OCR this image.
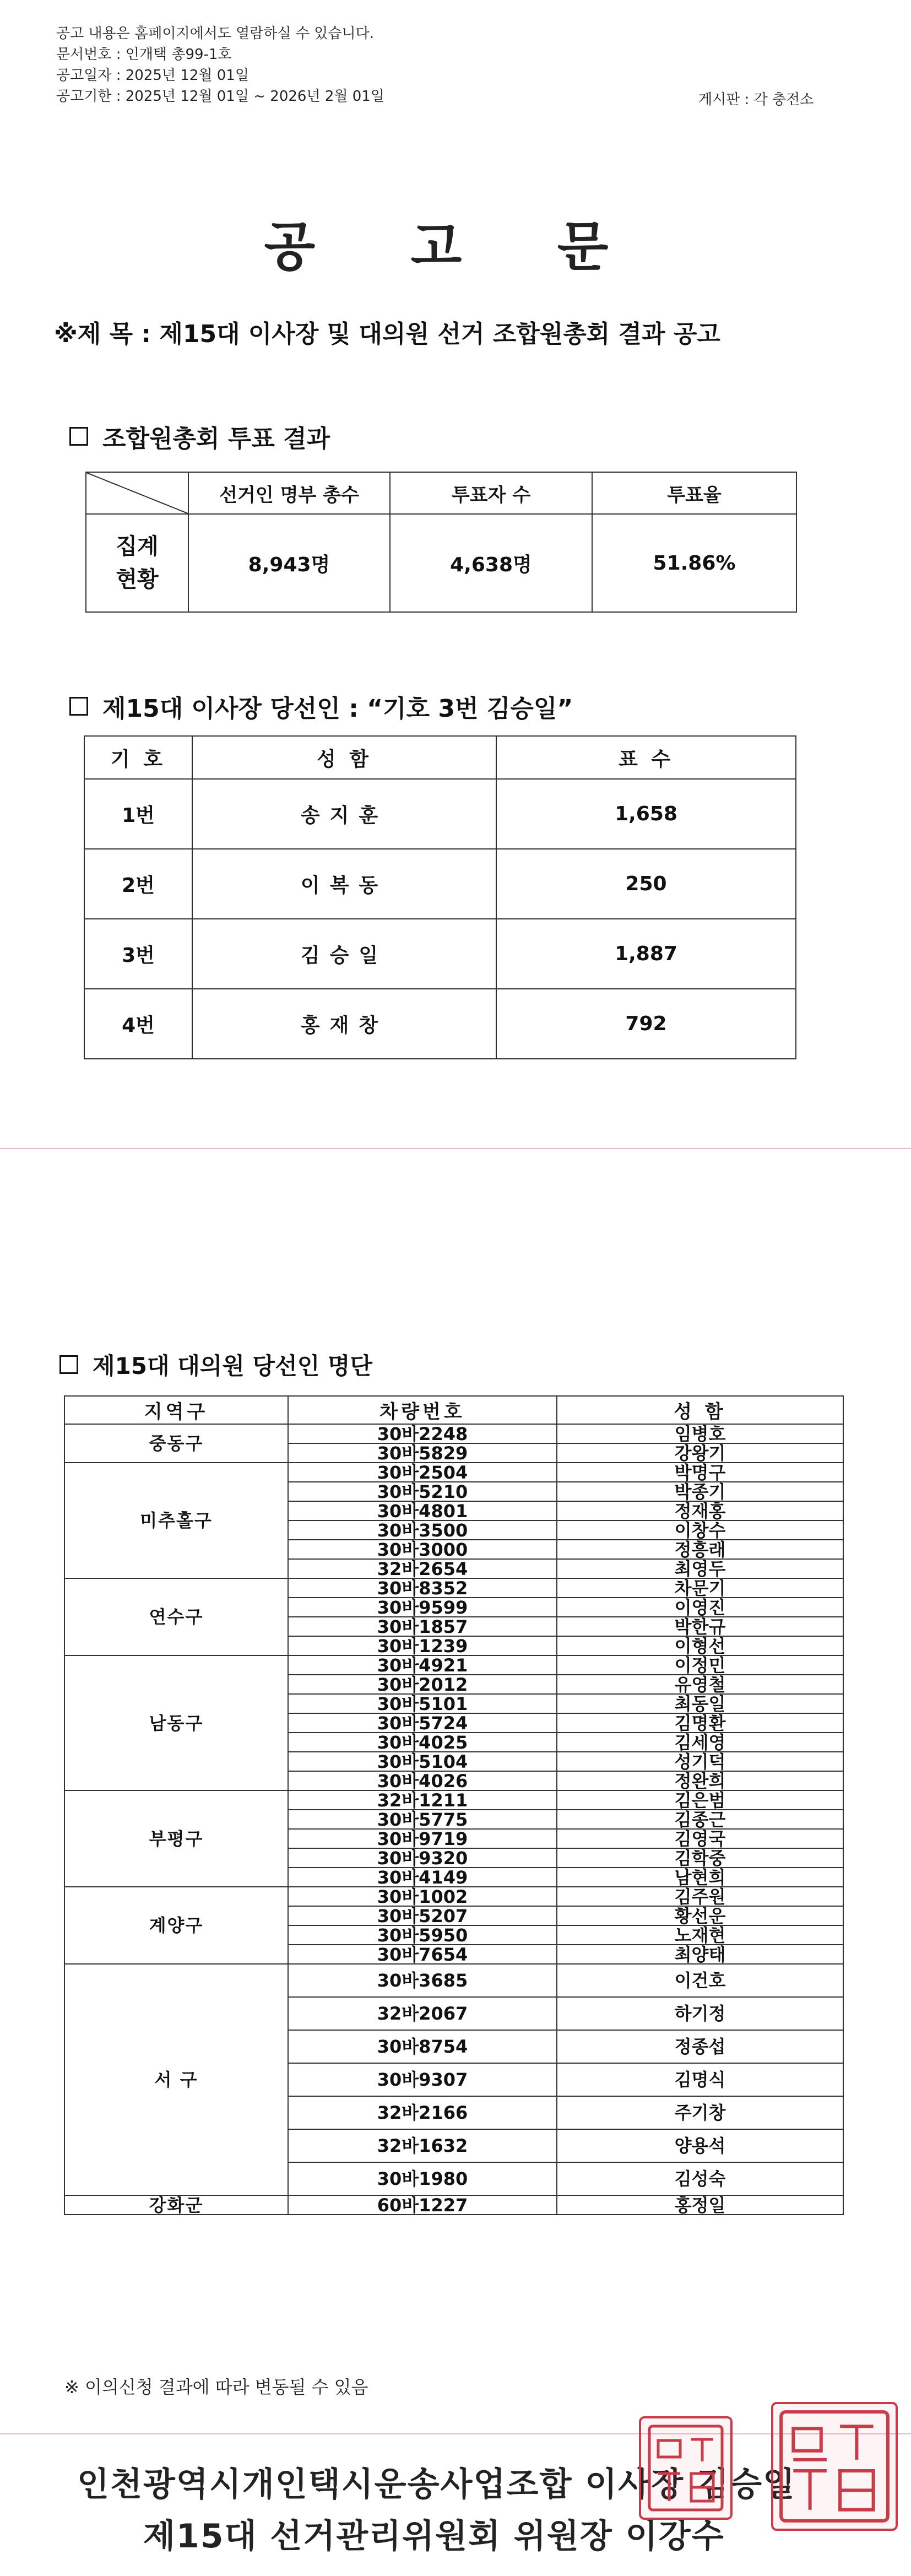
공고 내용은 홈페이지에서도 열람하실 수 있습니다.
문서번호 : 인개택 총99-1호
공고일자 : 2025년 12월 01일
공고기한 : 2025년 12월 01일 ~ 2026년 2월 01일	게시판 : 각 충전소
공 고 문
※제 목 : 제15대 이사장 및 대의원 선거 조합원총회 결과 공고
조합원총회 투표 결과
	선거인 명부 총수	투표자 수	투표율
집계 현황	8,943명	4,638명	51.86%
제15대 이사장 당선인 : “기호 3번 김승일”
기 호	성 함	표 수
1번	송지훈	1,658
2번	이복동	250
3번	김승일	1,887
4번	홍재창	792
제15대 대의원 당선인 명단
지역구	차량번호	성 함
중동구	30바2248	임병호
	30바5829	강왕기
미추홀구	30바2504	박명구
	30바5210	박종기
	30바4801	정재홍
	30바3500	이창수
	30바3000	정흥래
	32바2654	최영두
연수구	30바8352	차문기
	30바9599	이영진
	30바1857	박한규
	30바1239	이형선
남동구	30바4921	이정민
	30바2012	유영철
	30바5101	최동일
	30바5724	김명환
	30바4025	김세영
	30바5104	성기덕
	30바4026	정완희
부평구	32바1211	김은범
	30바5775	김종근
	30바9719	김영국
	30바9320	김학중
	30바4149	남현희
계양구	30바1002	김주원
	30바5207	황선운
	30바5950	노재현
	30바7654	최양태
서 구	30바3685	이건호
	32바2067	하기정
	30바8754	정종섭
	30바9307	김명식
	32바2166	주기창
	32바1632	양용석
	30바1980	김성숙
강화군	60바1227	홍정일
※ 이의신청 결과에 따라 변동될 수 있음
인천광역시개인택시운송사업조합 이사장 김승일
제15대 선거관리위원회 위원장 이강수
